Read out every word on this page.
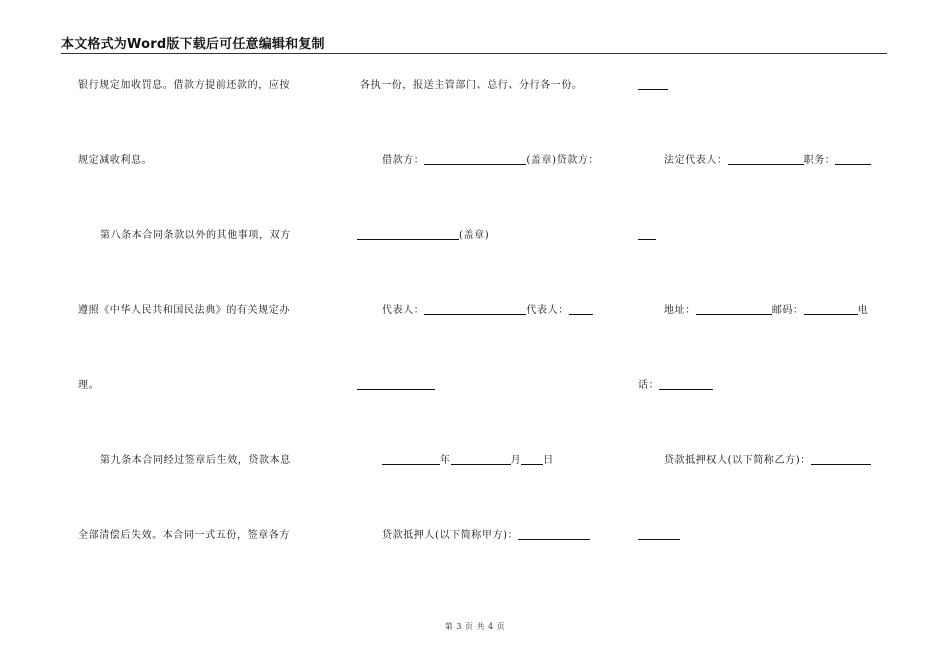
本文格式为Word版下载后可任意编辑和复制
银行规定加收罚息。借款方提前还款的，应按
规定减收利息。
第八条本合同条款以外的其他事项，双方
遵照《中华人民共和国民法典》的有关规定办
理。
第九条本合同经过签章后生效，贷款本息
全部清偿后失效。本合同一式五份，签章各方
各执一份，报送主管部门、总行、分行各一份。
借款方：	(盖章)贷款方：
(盖章)
代表人：	代表人：
年	月 日
贷款抵押人(以下简称甲方)：
法定代表人：	职务：
地址：	邮码：	电
话：
贷款抵押权人(以下简称乙方)：
第 3 页 共 4 页
